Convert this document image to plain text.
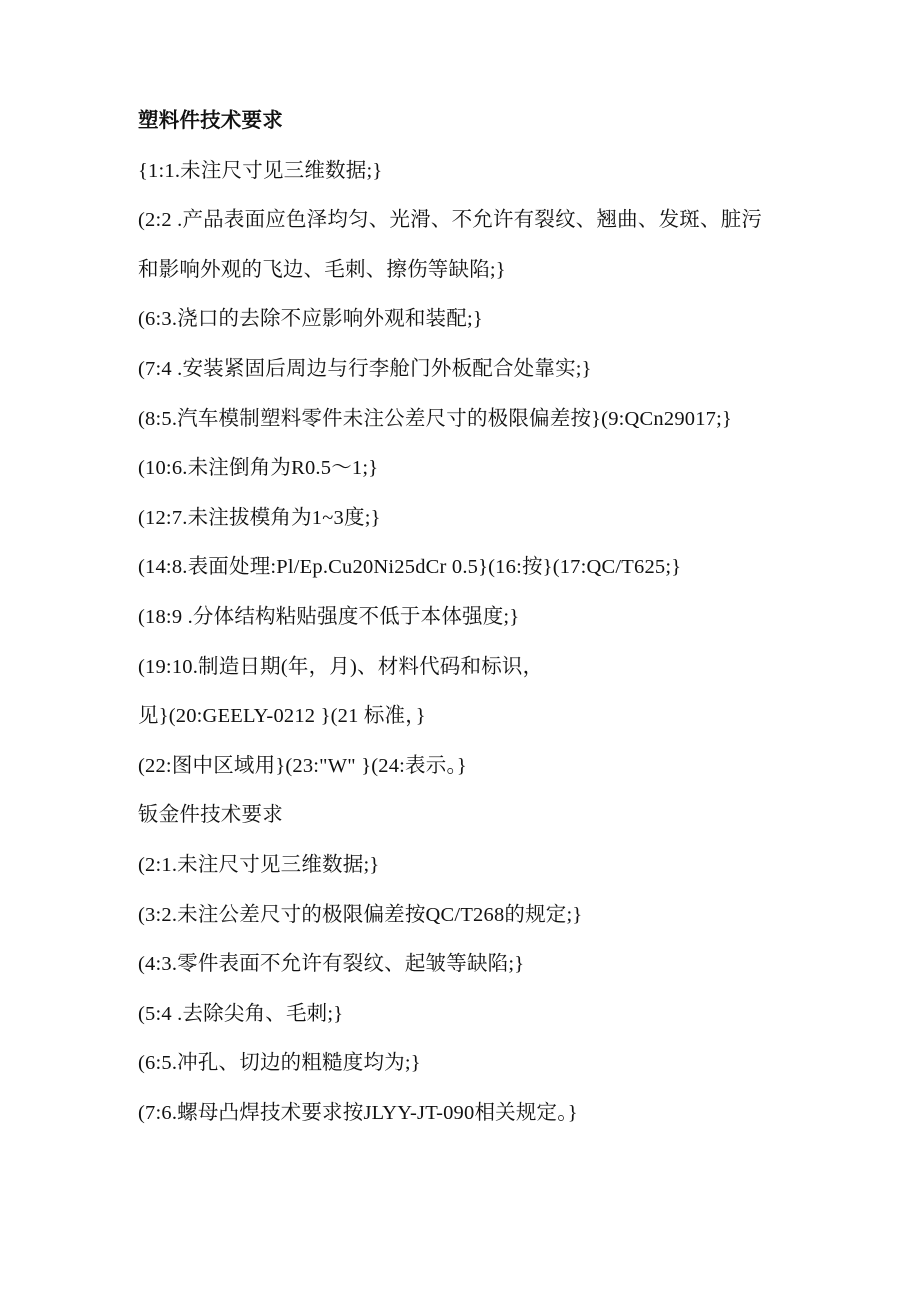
塑料件技术要求
{1:1.未注尺寸见三维数据;}
(2:2 .产品表面应色泽均匀、光滑、不允许有裂纹、翘曲、发斑、脏污
和影响外观的飞边、毛刺、擦伤等缺陷;}
(6:3.浇口的去除不应影响外观和装配;}
(7:4 .安装紧固后周边与行李舱门外板配合处靠实;}
(8:5.汽车模制塑料零件未注公差尺寸的极限偏差按}(9:QCn29017;}
(10:6.未注倒角为R0.5～1;}
(12:7.未注拔模角为1~3度;}
(14:8.表面处理:Pl/Ep.Cu20Ni25dCr 0.5}(16:按}(17:QC/T625;}
(18:9 .分体结构粘贴强度不低于本体强度;}
(19:10.制造日期(年，月)、材料代码和标识，
见}(20:GEELY-0212 }(21 标准，}
(22:图中区域用}(23:"W" }(24:表示。}
钣金件技术要求
(2:1.未注尺寸见三维数据;}
(3:2.未注公差尺寸的极限偏差按QC/T268的规定;}
(4:3.零件表面不允许有裂纹、起皱等缺陷;}
(5:4 .去除尖角、毛刺;}
(6:5.冲孔、切边的粗糙度均为;}
(7:6.螺母凸焊技术要求按JLYY-JT-090相关规定。}
